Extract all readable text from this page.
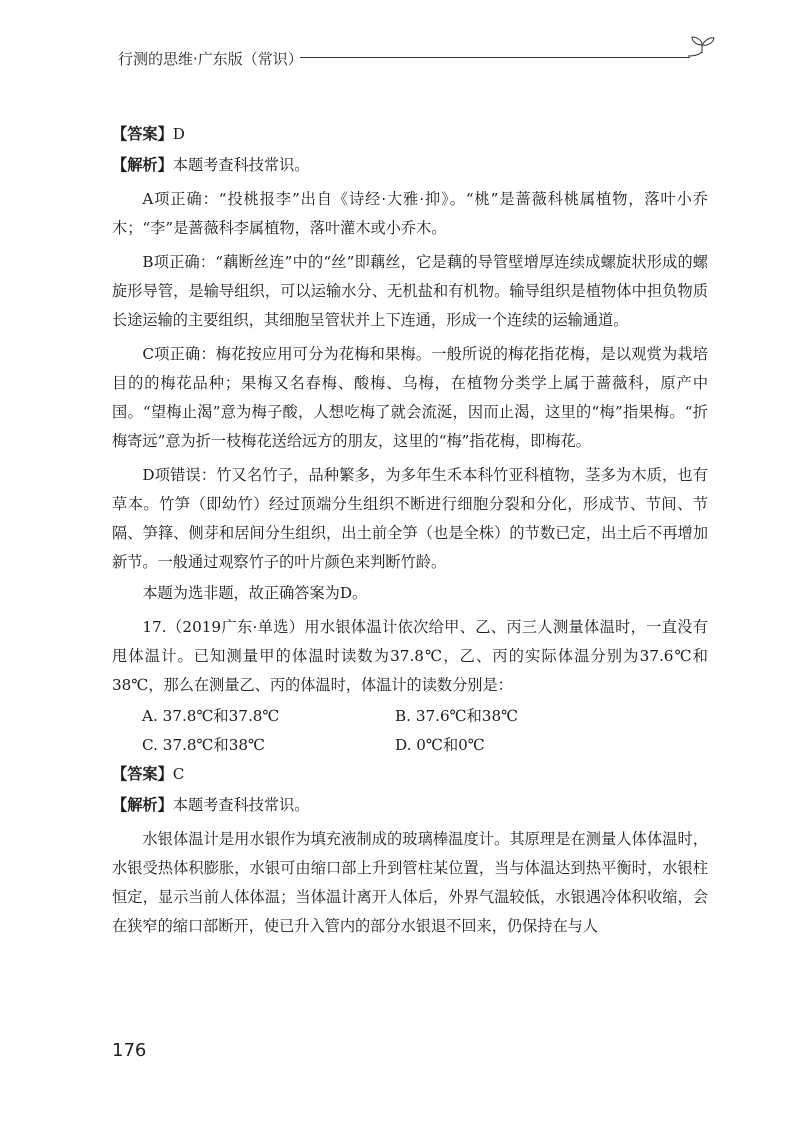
行测的思维·广东版（常识）

【答案】D

【解析】本题考查科技常识。

A项正确：“投桃报李”出自《诗经·大雅·抑》。“桃”是蔷薇科桃属植物，落叶小乔木；“李”是蔷薇科李属植物，落叶灌木或小乔木。

B项正确：“藕断丝连”中的“丝”即藕丝，它是藕的导管壁增厚连续成螺旋状形成的螺旋形导管，是输导组织，可以运输水分、无机盐和有机物。输导组织是植物体中担负物质长途运输的主要组织，其细胞呈管状并上下连通，形成一个连续的运输通道。

C项正确：梅花按应用可分为花梅和果梅。一般所说的梅花指花梅，是以观赏为栽培目的的梅花品种；果梅又名春梅、酸梅、乌梅，在植物分类学上属于蔷薇科，原产中国。“望梅止渴”意为梅子酸，人想吃梅了就会流涎，因而止渴，这里的“梅”指果梅。“折梅寄远”意为折一枝梅花送给远方的朋友，这里的“梅”指花梅，即梅花。

D项错误：竹又名竹子，品种繁多，为多年生禾本科竹亚科植物，茎多为木质，也有草本。竹笋（即幼竹）经过顶端分生组织不断进行细胞分裂和分化，形成节、节间、节隔、笋箨、侧芽和居间分生组织，出土前全笋（也是全株）的节数已定，出土后不再增加新节。一般通过观察竹子的叶片颜色来判断竹龄。

本题为选非题，故正确答案为D。

17.（2019广东·单选）用水银体温计依次给甲、乙、丙三人测量体温时，一直没有甩体温计。已知测量甲的体温时读数为37.8℃，乙、丙的实际体温分别为37.6℃和38℃，那么在测量乙、丙的体温时，体温计的读数分别是：

A. 37.8℃和37.8℃	B. 37.6℃和38℃
C. 37.8℃和38℃	D. 0℃和0℃

【答案】C

【解析】本题考查科技常识。

水银体温计是用水银作为填充液制成的玻璃棒温度计。其原理是在测量人体体温时，水银受热体积膨胀，水银可由缩口部上升到管柱某位置，当与体温达到热平衡时，水银柱恒定，显示当前人体体温；当体温计离开人体后，外界气温较低，水银遇冷体积收缩，会在狭窄的缩口部断开，使已升入管内的部分水银退不回来，仍保持在与人

176
